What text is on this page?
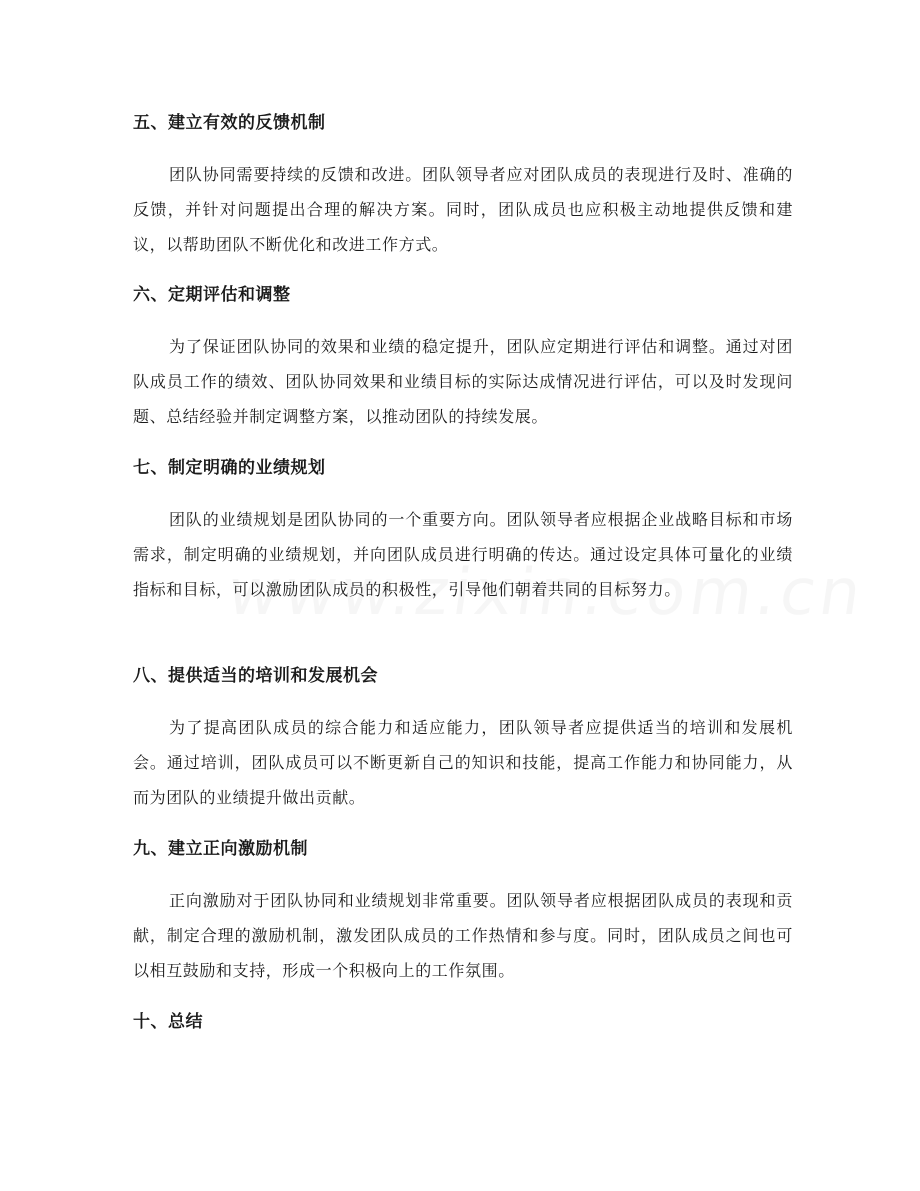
五、建立有效的反馈机制

团队协同需要持续的反馈和改进。团队领导者应对团队成员的表现进行及时、准确的反馈，并针对问题提出合理的解决方案。同时，团队成员也应积极主动地提供反馈和建议，以帮助团队不断优化和改进工作方式。

六、定期评估和调整

为了保证团队协同的效果和业绩的稳定提升，团队应定期进行评估和调整。通过对团队成员工作的绩效、团队协同效果和业绩目标的实际达成情况进行评估，可以及时发现问题、总结经验并制定调整方案，以推动团队的持续发展。

七、制定明确的业绩规划

团队的业绩规划是团队协同的一个重要方向。团队领导者应根据企业战略目标和市场需求，制定明确的业绩规划，并向团队成员进行明确的传达。通过设定具体可量化的业绩指标和目标，可以激励团队成员的积极性，引导他们朝着共同的目标努力。

八、提供适当的培训和发展机会

为了提高团队成员的综合能力和适应能力，团队领导者应提供适当的培训和发展机会。通过培训，团队成员可以不断更新自己的知识和技能，提高工作能力和协同能力，从而为团队的业绩提升做出贡献。

九、建立正向激励机制

正向激励对于团队协同和业绩规划非常重要。团队领导者应根据团队成员的表现和贡献，制定合理的激励机制，激发团队成员的工作热情和参与度。同时，团队成员之间也可以相互鼓励和支持，形成一个积极向上的工作氛围。

十、总结
